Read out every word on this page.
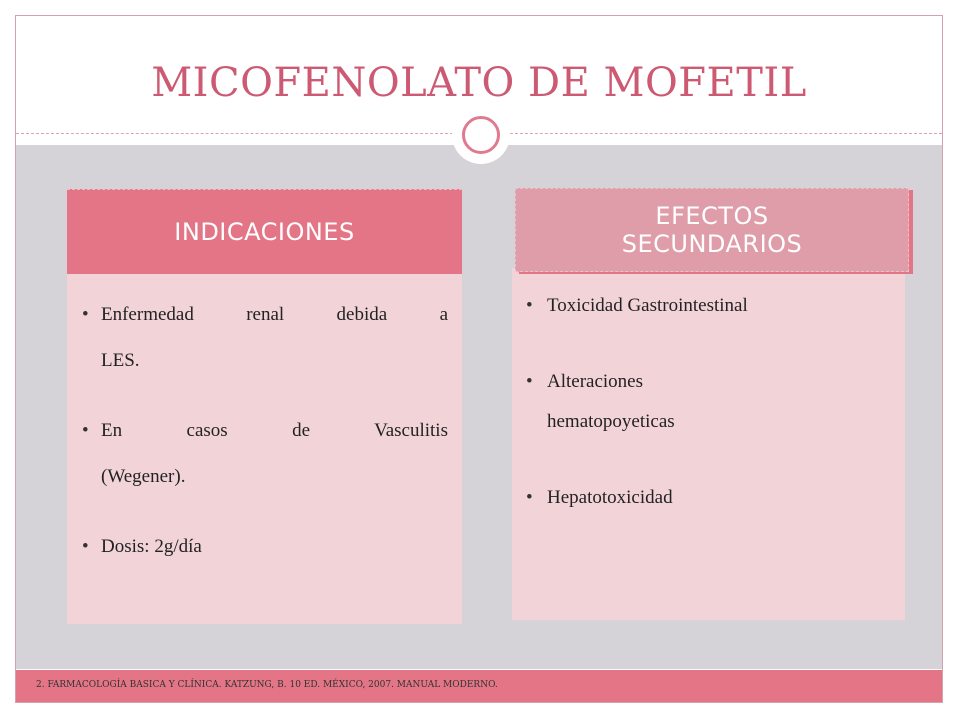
MICOFENOLATO DE MOFETIL
INDICACIONES
• Enfermedad renal debida a
LES.
• En casos de Vasculitis
(Wegener).
• Dosis: 2g/día
EFECTOS
SECUNDARIOS
• Toxicidad Gastrointestinal
• Alteraciones
hematopoyeticas
• Hepatotoxicidad
2. FARMACOLOGÍA BASICA Y CLÍNICA. KATZUNG, B. 10 ED. MÉXICO, 2007. MANUAL MODERNO.
